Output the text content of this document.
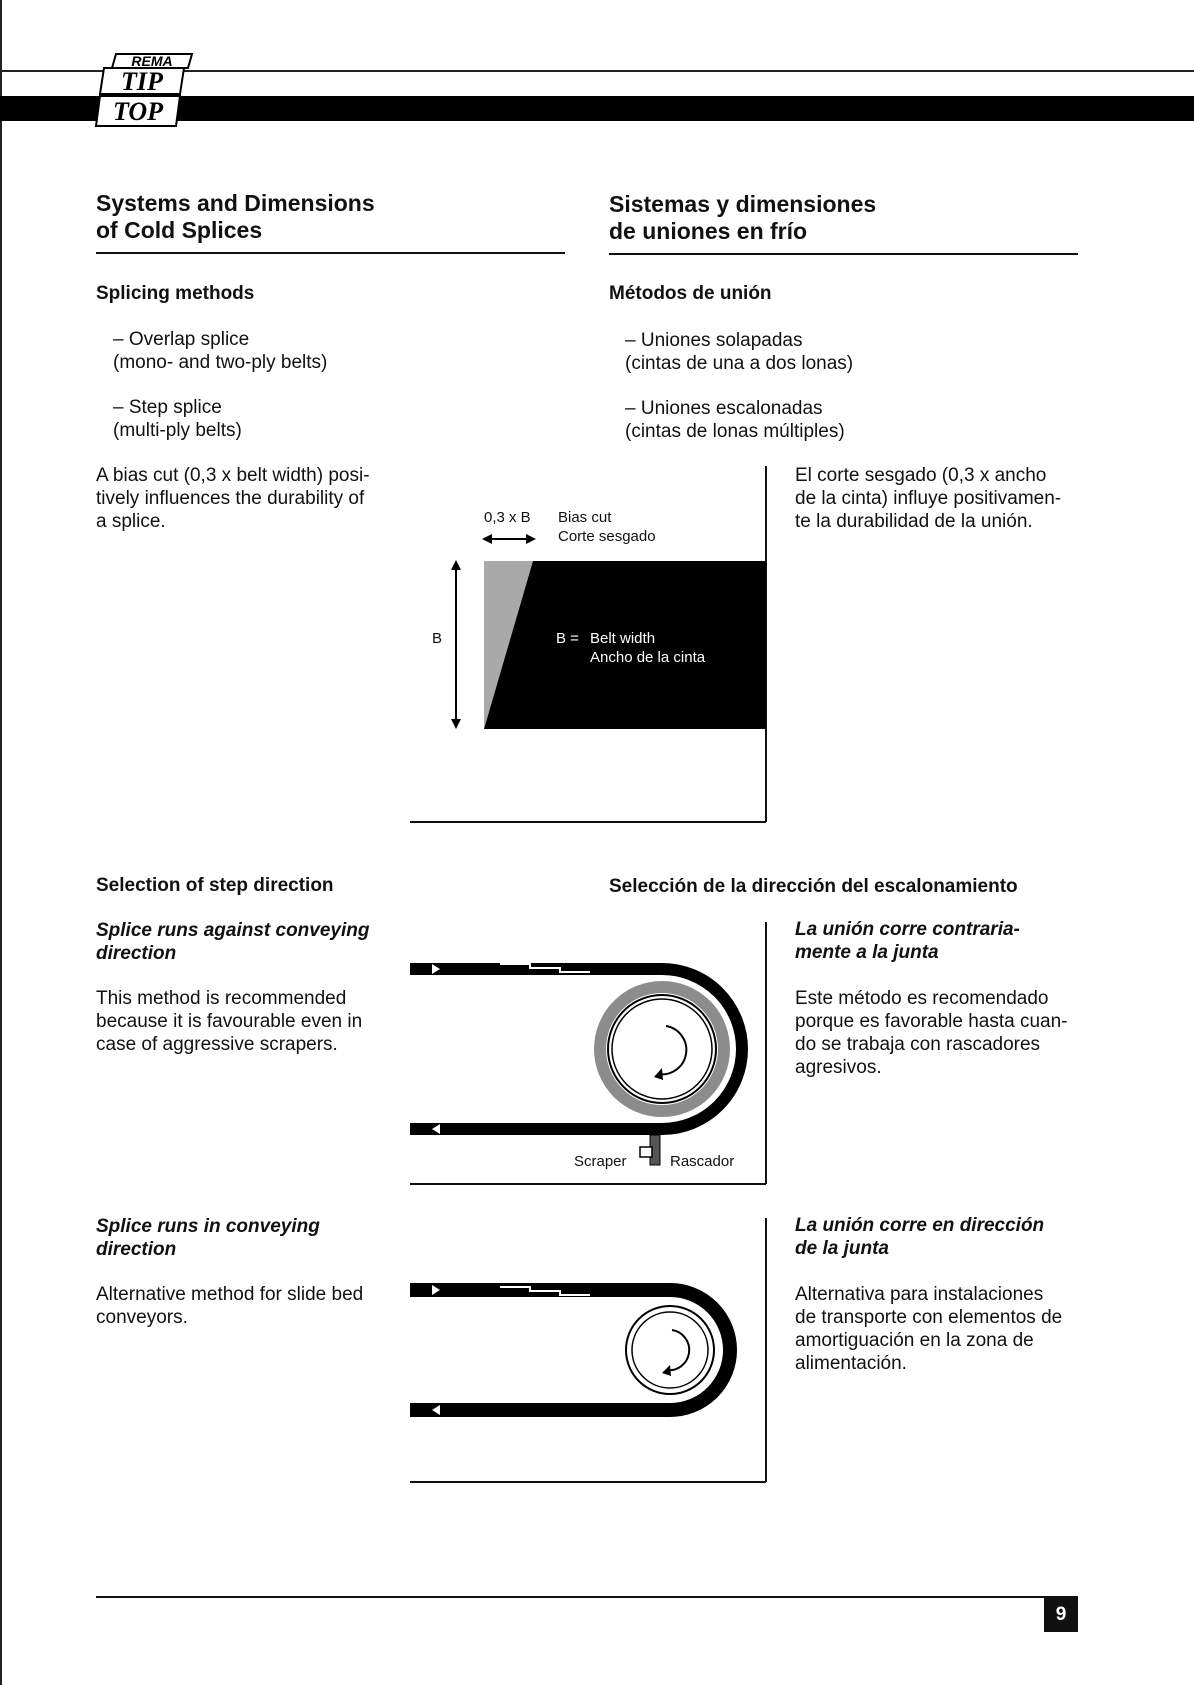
REMA
TIP
TOP
Systems and Dimensions
of Cold Splices
Sistemas y dimensiones
de uniones en frío
Splicing methods
– Overlap splice
(mono- and two-ply belts)
– Step splice
(multi-ply belts)
Métodos de unión
– Uniones solapadas
(cintas de una a dos lonas)
– Uniones escalonadas
(cintas de lonas múltiples)
A bias cut (0,3 x belt width) posi-
tively influences the durability of
a splice.
El corte sesgado (0,3 x ancho
de la cinta) influye positivamen-
te la durabilidad de la unión.
0,3 x B Bias cut
Corte sesgado
B	B = Belt width
Ancho de la cinta
Selection of step direction	Selección de la dirección del escalonamiento
Splice runs against conveying
direction
This method is recommended
because it is favourable even in
case of aggressive scrapers.
La unión corre contraria-
mente a la junta
Este método es recomendado
porque es favorable hasta cuan-
do se trabaja con rascadores
agresivos.
Scraper	Rascador
Splice runs in conveying
direction
Alternative method for slide bed
conveyors.
La unión corre en dirección
de la junta
Alternativa para instalaciones
de transporte con elementos de
amortiguación en la zona de
alimentación.
9
